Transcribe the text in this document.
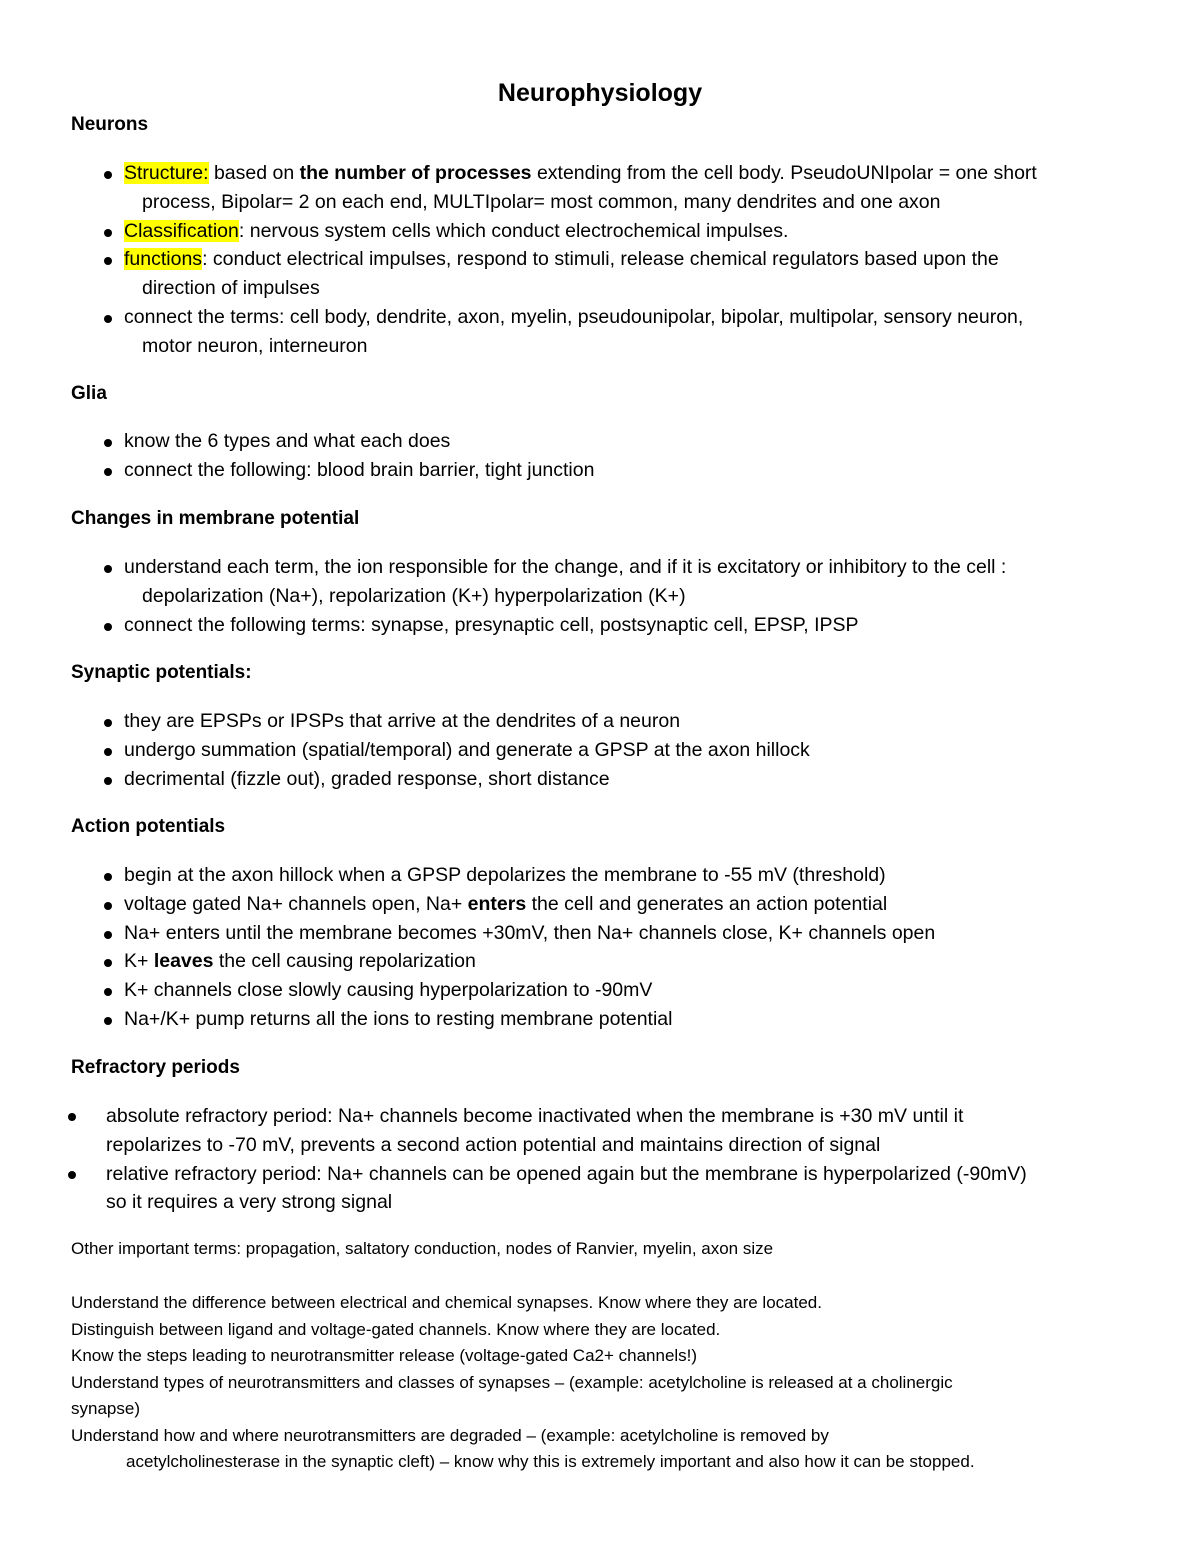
Neurophysiology
Neurons
Structure: based on the number of processes extending from the cell body. PseudoUNIpolar = one short
process, Bipolar= 2 on each end, MULTIpolar= most common, many dendrites and one axon
Classification: nervous system cells which conduct electrochemical impulses.
functions: conduct electrical impulses, respond to stimuli, release chemical regulators based upon the
direction of impulses
connect the terms: cell body, dendrite, axon, myelin, pseudounipolar, bipolar, multipolar, sensory neuron,
motor neuron, interneuron
Glia
know the 6 types and what each does
connect the following: blood brain barrier, tight junction
Changes in membrane potential
understand each term, the ion responsible for the change, and if it is excitatory or inhibitory to the cell :
depolarization (Na+), repolarization (K+) hyperpolarization (K+)
connect the following terms: synapse, presynaptic cell, postsynaptic cell, EPSP, IPSP
Synaptic potentials:
they are EPSPs or IPSPs that arrive at the dendrites of a neuron
undergo summation (spatial/temporal) and generate a GPSP at the axon hillock
decrimental (fizzle out), graded response, short distance
Action potentials
begin at the axon hillock when a GPSP depolarizes the membrane to -55 mV (threshold)
voltage gated Na+ channels open, Na+ enters the cell and generates an action potential
Na+ enters until the membrane becomes +30mV, then Na+ channels close, K+ channels open
K+ leaves the cell causing repolarization
K+ channels close slowly causing hyperpolarization to -90mV
Na+/K+ pump returns all the ions to resting membrane potential
Refractory periods
absolute refractory period: Na+ channels become inactivated when the membrane is +30 mV until it
repolarizes to -70 mV, prevents a second action potential and maintains direction of signal
relative refractory period: Na+ channels can be opened again but the membrane is hyperpolarized (-90mV)
so it requires a very strong signal
Other important terms: propagation, saltatory conduction, nodes of Ranvier, myelin, axon size
Understand the difference between electrical and chemical synapses. Know where they are located.
Distinguish between ligand and voltage-gated channels. Know where they are located.
Know the steps leading to neurotransmitter release (voltage-gated Ca2+ channels!)
Understand types of neurotransmitters and classes of synapses – (example: acetylcholine is released at a cholinergic
synapse)
Understand how and where neurotransmitters are degraded – (example: acetylcholine is removed by
acetylcholinesterase in the synaptic cleft) – know why this is extremely important and also how it can be stopped.
